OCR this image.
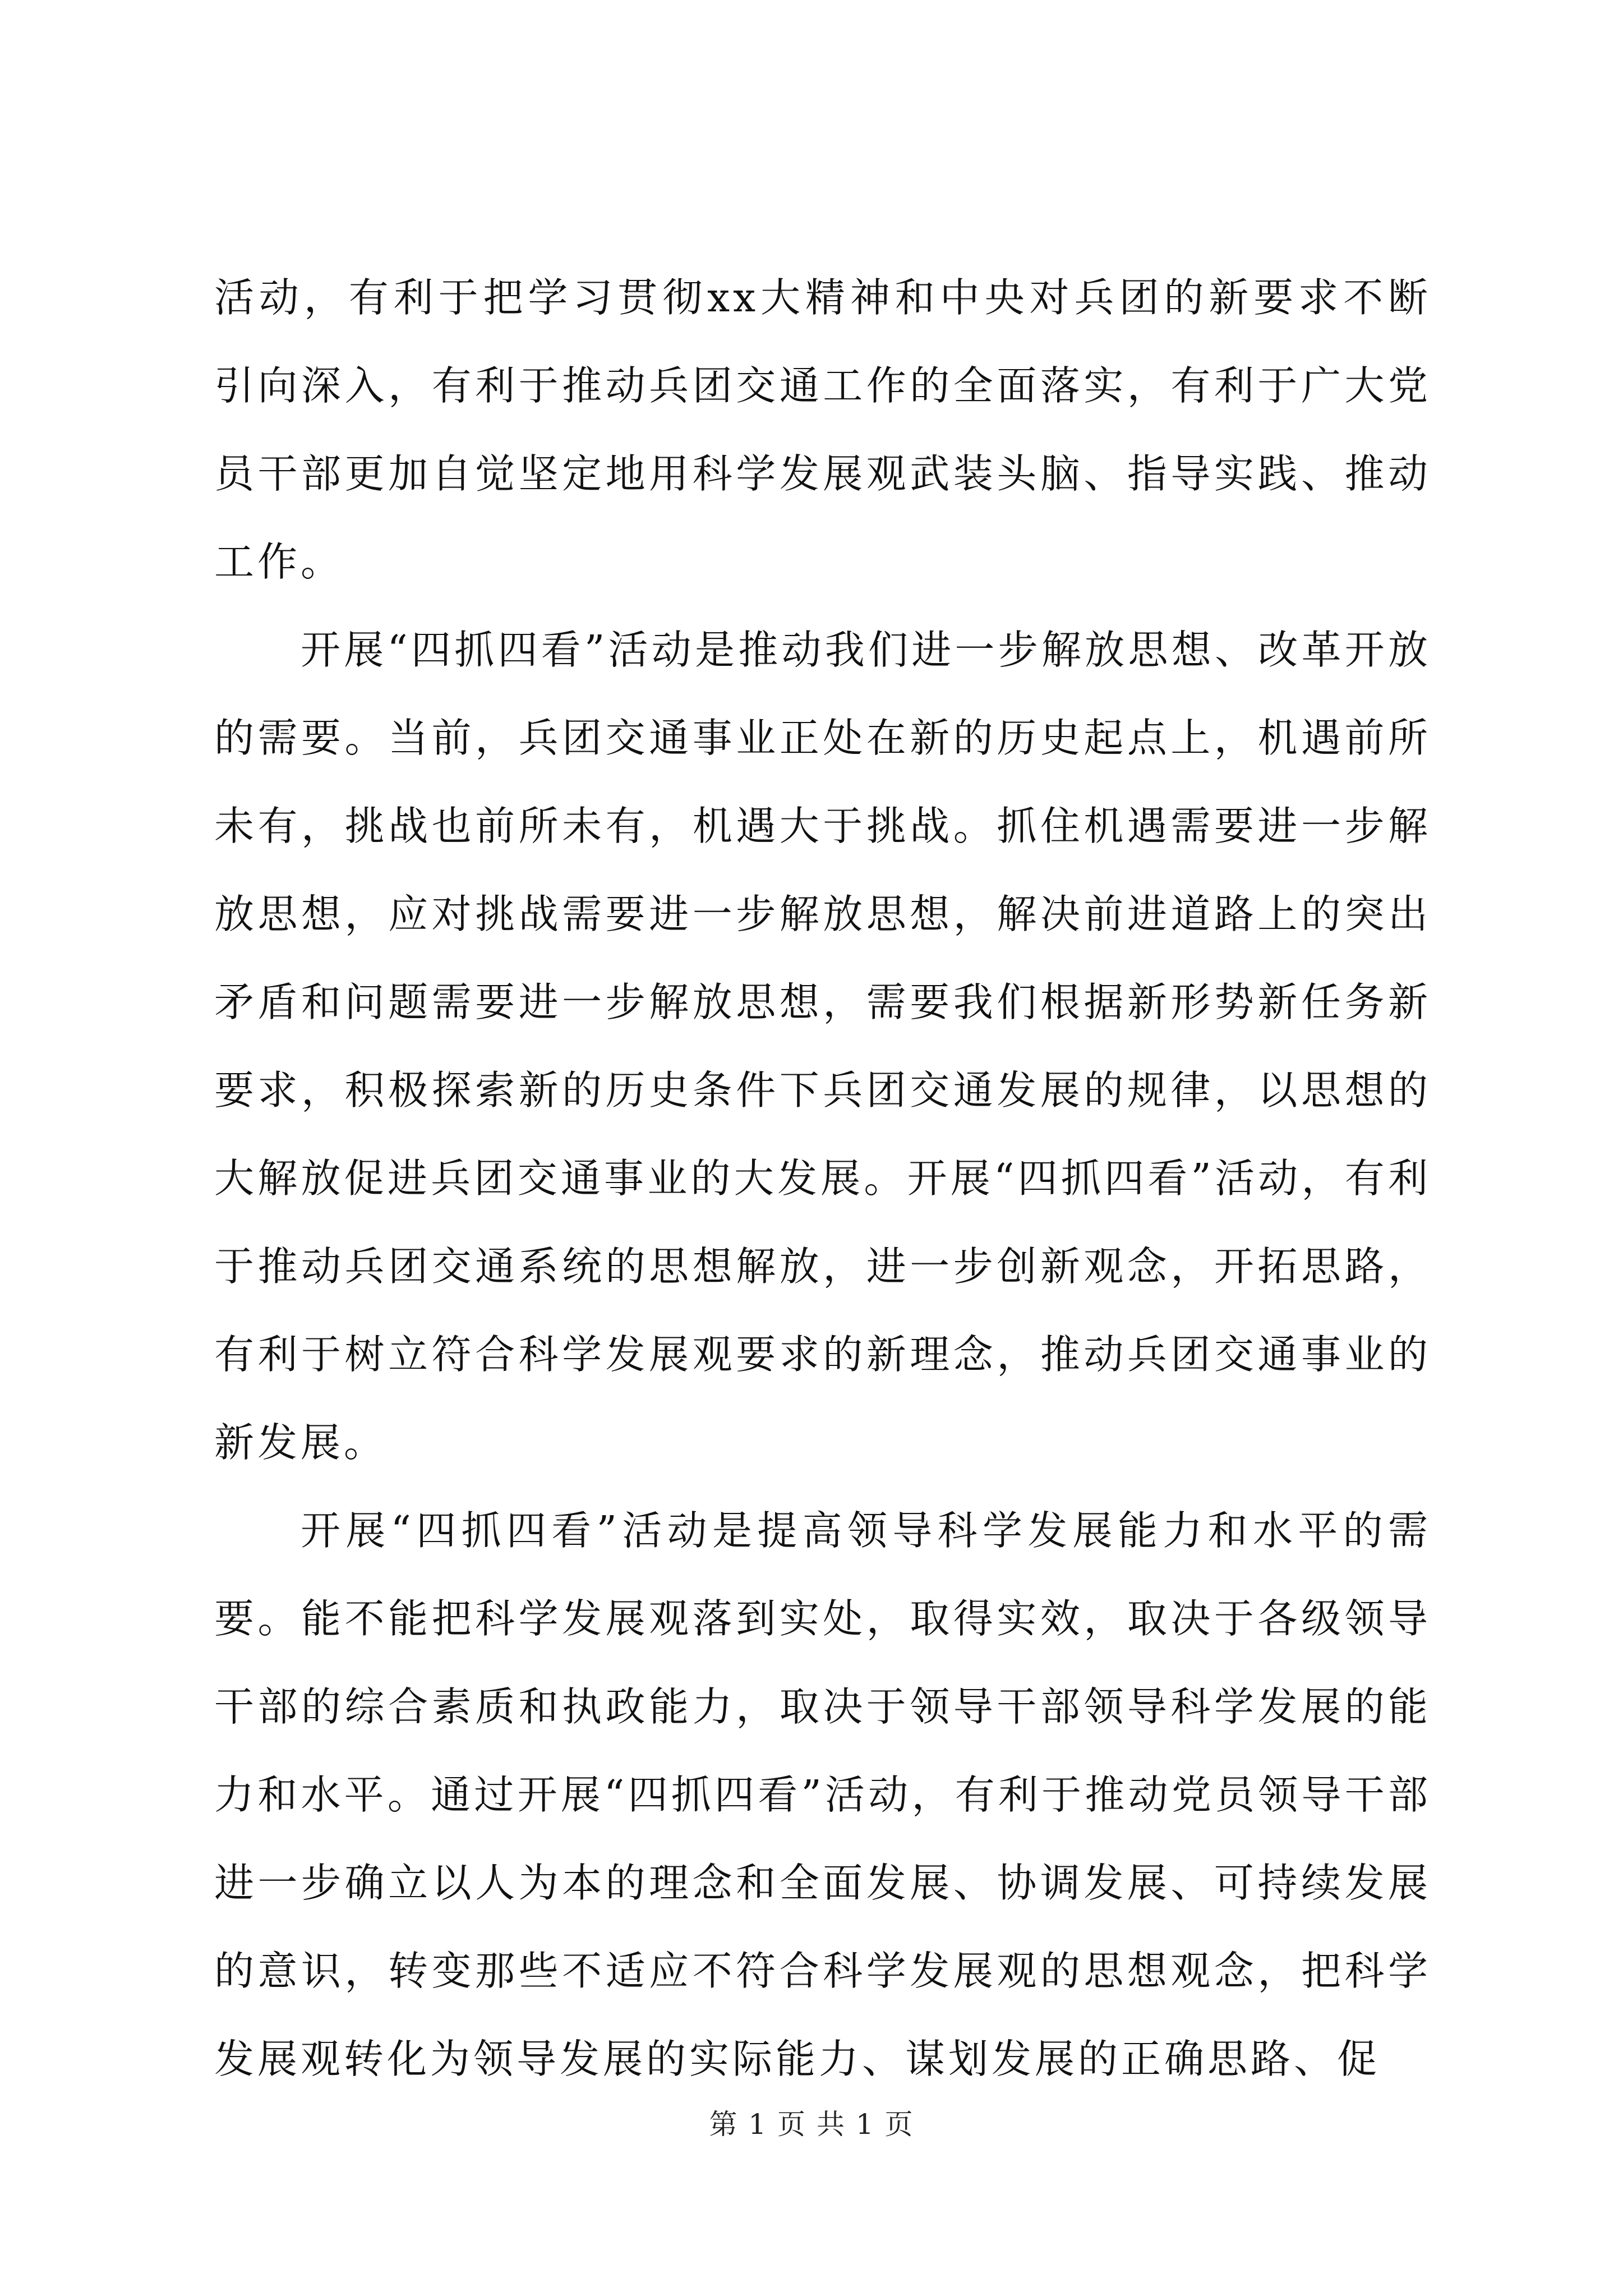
活动，有利于把学习贯彻xx大精神和中央对兵团的新要求不断引向深入，有利于推动兵团交通工作的全面落实，有利于广大党员干部更加自觉坚定地用科学发展观武装头脑、指导实践、推动工作。

开展“四抓四看”活动是推动我们进一步解放思想、改革开放的需要。当前，兵团交通事业正处在新的历史起点上，机遇前所未有，挑战也前所未有，机遇大于挑战。抓住机遇需要进一步解放思想，应对挑战需要进一步解放思想，解决前进道路上的突出矛盾和问题需要进一步解放思想，需要我们根据新形势新任务新要求，积极探索新的历史条件下兵团交通发展的规律，以思想的大解放促进兵团交通事业的大发展。开展“四抓四看”活动，有利于推动兵团交通系统的思想解放，进一步创新观念，开拓思路，有利于树立符合科学发展观要求的新理念，推动兵团交通事业的新发展。

开展“四抓四看”活动是提高领导科学发展能力和水平的需要。能不能把科学发展观落到实处，取得实效，取决于各级领导干部的综合素质和执政能力，取决于领导干部领导科学发展的能力和水平。通过开展“四抓四看”活动，有利于推动党员领导干部进一步确立以人为本的理念和全面发展、协调发展、可持续发展的意识，转变那些不适应不符合科学发展观的思想观念，把科学发展观转化为领导发展的实际能力、谋划发展的正确思路、促

第 1 页 共 1 页
